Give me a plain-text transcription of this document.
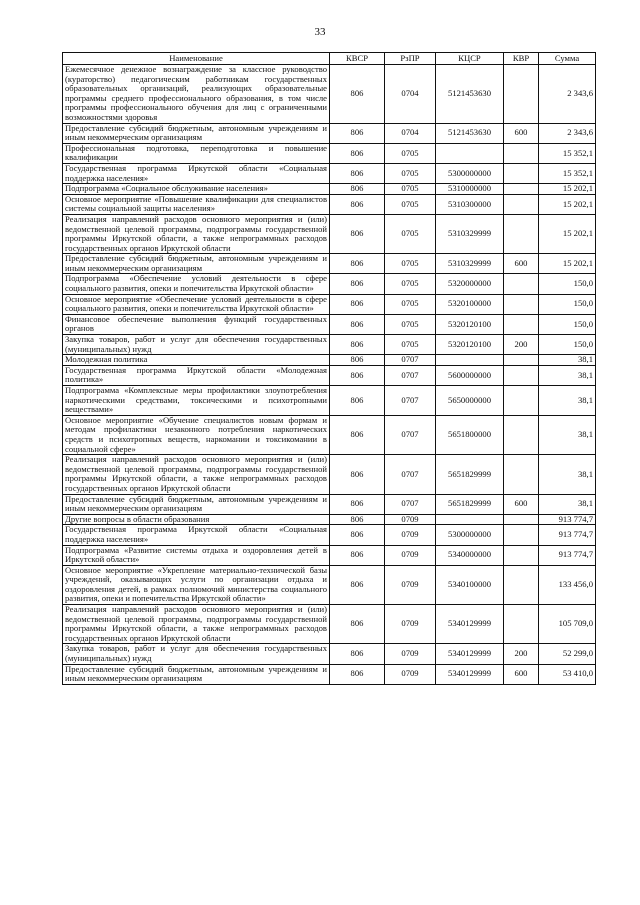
33
Наименование	КВСР	РзПР	КЦСР	КВР	Сумма
Ежемесячное денежное вознаграждение за классное руководство (кураторство) педагогическим работникам государственных образовательных организаций, реализующих образовательные программы среднего профессионального образования, в том числе программы профессионального обучения для лиц с ограниченными возможностями здоровья	806	0704	5121453630		2 343,6
Предоставление субсидий бюджетным, автономным учреждениям и иным некоммерческим организациям	806	0704	5121453630	600	2 343,6
Профессиональная подготовка, переподготовка и повышение квалификации	806	0705			15 352,1
Государственная программа Иркутской области «Социальная поддержка населения»	806	0705	5300000000		15 352,1
Подпрограмма «Социальное обслуживание населения»	806	0705	5310000000		15 202,1
Основное мероприятие «Повышение квалификации для специалистов системы социальной защиты населения»	806	0705	5310300000		15 202,1
Реализация направлений расходов основного мероприятия и (или) ведомственной целевой программы, подпрограммы государственной программы Иркутской области, а также непрограммных расходов государственных органов Иркутской области	806	0705	5310329999		15 202,1
Предоставление субсидий бюджетным, автономным учреждениям и иным некоммерческим организациям	806	0705	5310329999	600	15 202,1
Подпрограмма «Обеспечение условий деятельности в сфере социального развития, опеки и попечительства Иркутской области»	806	0705	5320000000		150,0
Основное мероприятие «Обеспечение условий деятельности в сфере социального развития, опеки и попечительства Иркутской области»	806	0705	5320100000		150,0
Финансовое обеспечение выполнения функций государственных органов	806	0705	5320120100		150,0
Закупка товаров, работ и услуг для обеспечения государственных (муниципальных) нужд	806	0705	5320120100	200	150,0
Молодежная политика	806	0707			38,1
Государственная программа Иркутской области «Молодежная политика»	806	0707	5600000000		38,1
Подпрограмма «Комплексные меры профилактики злоупотребления наркотическими средствами, токсическими и психотропными веществами»	806	0707	5650000000		38,1
Основное мероприятие «Обучение специалистов новым формам и методам профилактики незаконного потребления наркотических средств и психотропных веществ, наркомании и токсикомании в социальной сфере»	806	0707	5651800000		38,1
Реализация направлений расходов основного мероприятия и (или) ведомственной целевой программы, подпрограммы государственной программы Иркутской области, а также непрограммных расходов государственных органов Иркутской области	806	0707	5651829999		38,1
Предоставление субсидий бюджетным, автономным учреждениям и иным некоммерческим организациям	806	0707	5651829999	600	38,1
Другие вопросы в области образования	806	0709			913 774,7
Государственная программа Иркутской области «Социальная поддержка населения»	806	0709	5300000000		913 774,7
Подпрограмма «Развитие системы отдыха и оздоровления детей в Иркутской области»	806	0709	5340000000		913 774,7
Основное мероприятие «Укрепление материально-технической базы учреждений, оказывающих услуги по организации отдыха и оздоровления детей, в рамках полномочий министерства социального развития, опеки и попечительства Иркутской области»	806	0709	5340100000		133 456,0
Реализация направлений расходов основного мероприятия и (или) ведомственной целевой программы, подпрограммы государственной программы Иркутской области, а также непрограммных расходов государственных органов Иркутской области	806	0709	5340129999		105 709,0
Закупка товаров, работ и услуг для обеспечения государственных (муниципальных) нужд	806	0709	5340129999	200	52 299,0
Предоставление субсидий бюджетным, автономным учреждениям и иным некоммерческим организациям	806	0709	5340129999	600	53 410,0
